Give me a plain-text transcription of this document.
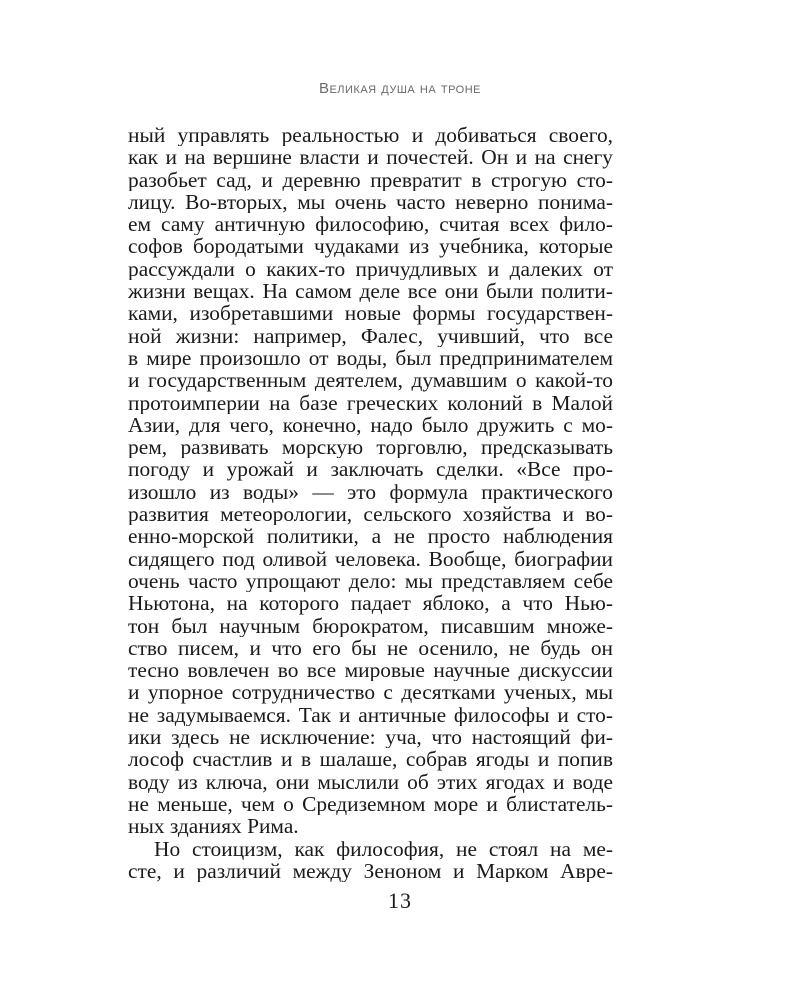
Великая душа на троне
ный управлять реальностью и добиваться своего,
как и на вершине власти и почестей. Он и на снегу
разобьет сад, и деревню превратит в строгую сто-
лицу. Во-вторых, мы очень часто неверно понима-
ем саму античную философию, считая всех фило-
софов бородатыми чудаками из учебника, которые
рассуждали о каких-то причудливых и далеких от
жизни вещах. На самом деле все они были полити-
ками, изобретавшими новые формы государствен-
ной жизни: например, Фалес, учивший, что все
в мире произошло от воды, был предпринимателем
и государственным деятелем, думавшим о какой-то
протоимперии на базе греческих колоний в Малой
Азии, для чего, конечно, надо было дружить с мо-
рем, развивать морскую торговлю, предсказывать
погоду и урожай и заключать сделки. «Все про-
изошло из воды» — это формула практического
развития метеорологии, сельского хозяйства и во-
енно-морской политики, а не просто наблюдения
сидящего под оливой человека. Вообще, биографии
очень часто упрощают дело: мы представляем себе
Ньютона, на которого падает яблоко, а что Нью-
тон был научным бюрократом, писавшим множе-
ство писем, и что его бы не осенило, не будь он
тесно вовлечен во все мировые научные дискуссии
и упорное сотрудничество с десятками ученых, мы
не задумываемся. Так и античные философы и сто-
ики здесь не исключение: уча, что настоящий фи-
лософ счастлив и в шалаше, собрав ягоды и попив
воду из ключа, они мыслили об этих ягодах и воде
не меньше, чем о Средиземном море и блистатель-
ных зданиях Рима.
Но стоицизм, как философия, не стоял на ме-
сте, и различий между Зеноном и Марком Авре-
13
